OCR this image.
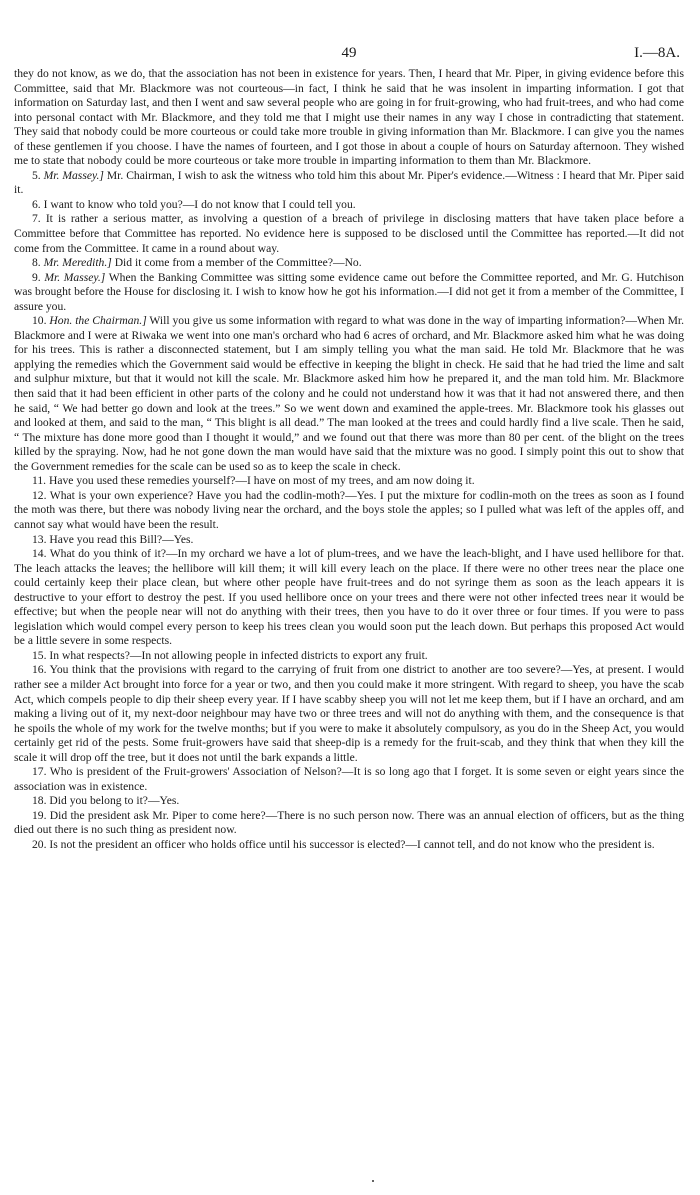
49	I.—8A.

they do not know, as we do, that the association has not been in existence for years. Then, I heard that Mr. Piper, in giving evidence before this Committee, said that Mr. Blackmore was not courteous—in fact, I think he said that he was insolent in imparting information. I got that information on Saturday last, and then I went and saw several people who are going in for fruit-growing, who had fruit-trees, and who had come into personal contact with Mr. Blackmore, and they told me that I might use their names in any way I chose in contradicting that statement. They said that nobody could be more courteous or could take more trouble in giving information than Mr. Blackmore. I can give you the names of these gentlemen if you choose. I have the names of fourteen, and I got those in about a couple of hours on Saturday afternoon. They wished me to state that nobody could be more courteous or take more trouble in imparting information to them than Mr. Blackmore.

5. Mr. Massey.] Mr. Chairman, I wish to ask the witness who told him this about Mr. Piper's evidence.—Witness : I heard that Mr. Piper said it.

6. I want to know who told you?—I do not know that I could tell you.

7. It is rather a serious matter, as involving a question of a breach of privilege in disclosing matters that have taken place before a Committee before that Committee has reported. No evidence here is supposed to be disclosed until the Committee has reported.—It did not come from the Committee. It came in a round about way.

8. Mr. Meredith.] Did it come from a member of the Committee?—No.

9. Mr. Massey.] When the Banking Committee was sitting some evidence came out before the Committee reported, and Mr. G. Hutchison was brought before the House for disclosing it. I wish to know how he got his information.—I did not get it from a member of the Committee, I assure you.

10. Hon. the Chairman.] Will you give us some information with regard to what was done in the way of imparting information?—When Mr. Blackmore and I were at Riwaka we went into one man's orchard who had 6 acres of orchard, and Mr. Blackmore asked him what he was doing for his trees. This is rather a disconnected statement, but I am simply telling you what the man said. He told Mr. Blackmore that he was applying the remedies which the Government said would be effective in keeping the blight in check. He said that he had tried the lime and salt and sulphur mixture, but that it would not kill the scale. Mr. Blackmore asked him how he prepared it, and the man told him. Mr. Blackmore then said that it had been efficient in other parts of the colony and he could not understand how it was that it had not answered there, and then he said, “ We had better go down and look at the trees.” So we went down and examined the apple-trees. Mr. Blackmore took his glasses out and looked at them, and said to the man, “ This blight is all dead.” The man looked at the trees and could hardly find a live scale. Then he said, “ The mixture has done more good than I thought it would,” and we found out that there was more than 80 per cent. of the blight on the trees killed by the spraying. Now, had he not gone down the man would have said that the mixture was no good. I simply point this out to show that the Government remedies for the scale can be used so as to keep the scale in check.

11. Have you used these remedies yourself?—I have on most of my trees, and am now doing it.

12. What is your own experience? Have you had the codlin-moth?—Yes. I put the mixture for codlin-moth on the trees as soon as I found the moth was there, but there was nobody living near the orchard, and the boys stole the apples; so I pulled what was left of the apples off, and cannot say what would have been the result.

13. Have you read this Bill?—Yes.

14. What do you think of it?—In my orchard we have a lot of plum-trees, and we have the leach-blight, and I have used hellibore for that. The leach attacks the leaves; the hellibore will kill them; it will kill every leach on the place. If there were no other trees near the place one could certainly keep their place clean, but where other people have fruit-trees and do not syringe them as soon as the leach appears it is destructive to your effort to destroy the pest. If you used hellibore once on your trees and there were not other infected trees near it would be effective; but when the people near will not do anything with their trees, then you have to do it over three or four times. If you were to pass legislation which would compel every person to keep his trees clean you would soon put the leach down. But perhaps this proposed Act would be a little severe in some respects.

15. In what respects?—In not allowing people in infected districts to export any fruit.

16. You think that the provisions with regard to the carrying of fruit from one district to another are too severe?—Yes, at present. I would rather see a milder Act brought into force for a year or two, and then you could make it more stringent. With regard to sheep, you have the scab Act, which compels people to dip their sheep every year. If I have scabby sheep you will not let me keep them, but if I have an orchard, and am making a living out of it, my next-door neighbour may have two or three trees and will not do anything with them, and the consequence is that he spoils the whole of my work for the twelve months; but if you were to make it absolutely compulsory, as you do in the Sheep Act, you would certainly get rid of the pests. Some fruit-growers have said that sheep-dip is a remedy for the fruit-scab, and they think that when they kill the scale it will drop off the tree, but it does not until the bark expands a little.

17. Who is president of the Fruit-growers' Association of Nelson?—It is so long ago that I forget. It is some seven or eight years since the association was in existence.

18. Did you belong to it?—Yes.

19. Did the president ask Mr. Piper to come here?—There is no such person now. There was an annual election of officers, but as the thing died out there is no such thing as president now.

20. Is not the president an officer who holds office until his successor is elected?—I cannot tell, and do not know who the president is.
